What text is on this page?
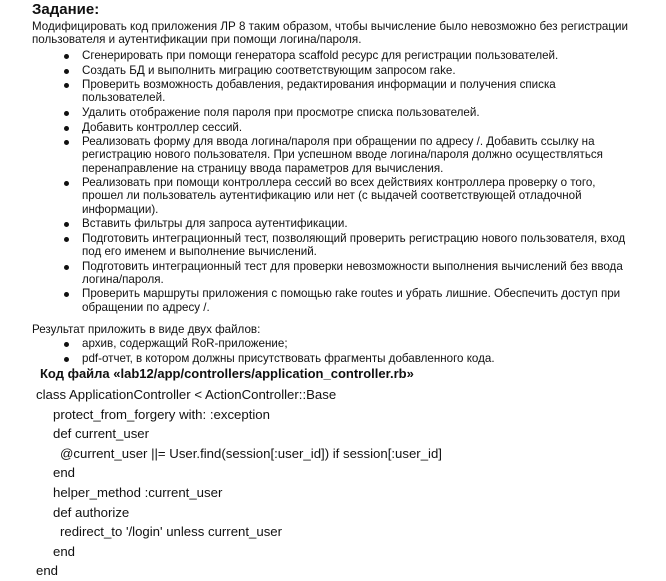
Задание:

Модифицировать код приложения ЛР 8 таким образом, чтобы вычисление было невозможно без регистрации пользователя и аутентификации при помощи логина/пароля.

Сгенерировать при помощи генератора scaffold ресурс для регистрации пользователей.
Создать БД и выполнить миграцию соответствующим запросом rake.
Проверить возможность добавления, редактирования информации и получения списка пользователей.
Удалить отображение поля пароля при просмотре списка пользователей.
Добавить контроллер сессий.
Реализовать форму для ввода логина/пароля при обращении по адресу /. Добавить ссылку на регистрацию нового пользователя. При успешном вводе логина/пароля должно осуществляться перенаправление на страницу ввода параметров для вычисления.
Реализовать при помощи контроллера сессий во всех действиях контроллера проверку о того, прошел ли пользователь аутентификацию или нет (с выдачей соответствующей отладочной информации).
Вставить фильтры для запроса аутентификации.
Подготовить интеграционный тест, позволяющий проверить регистрацию нового пользователя, вход под его именем и выполнение вычислений.
Подготовить интеграционный тест для проверки невозможности выполнения вычислений без ввода логина/пароля.
Проверить маршруты приложения с помощью rake routes и убрать лишние. Обеспечить доступ при обращении по адресу /.

Результат приложить в виде двух файлов:

архив, содержащий RoR-приложение;
pdf-отчет, в котором должны присутствовать фрагменты добавленного кода.
Код файла «lab12/app/controllers/application_controller.rb»
class ApplicationController < ActionController::Base
protect_from_forgery with: :exception
def current_user
@current_user ||= User.find(session[:user_id]) if session[:user_id]
end
helper_method :current_user
def authorize
redirect_to '/login' unless current_user
end
end
